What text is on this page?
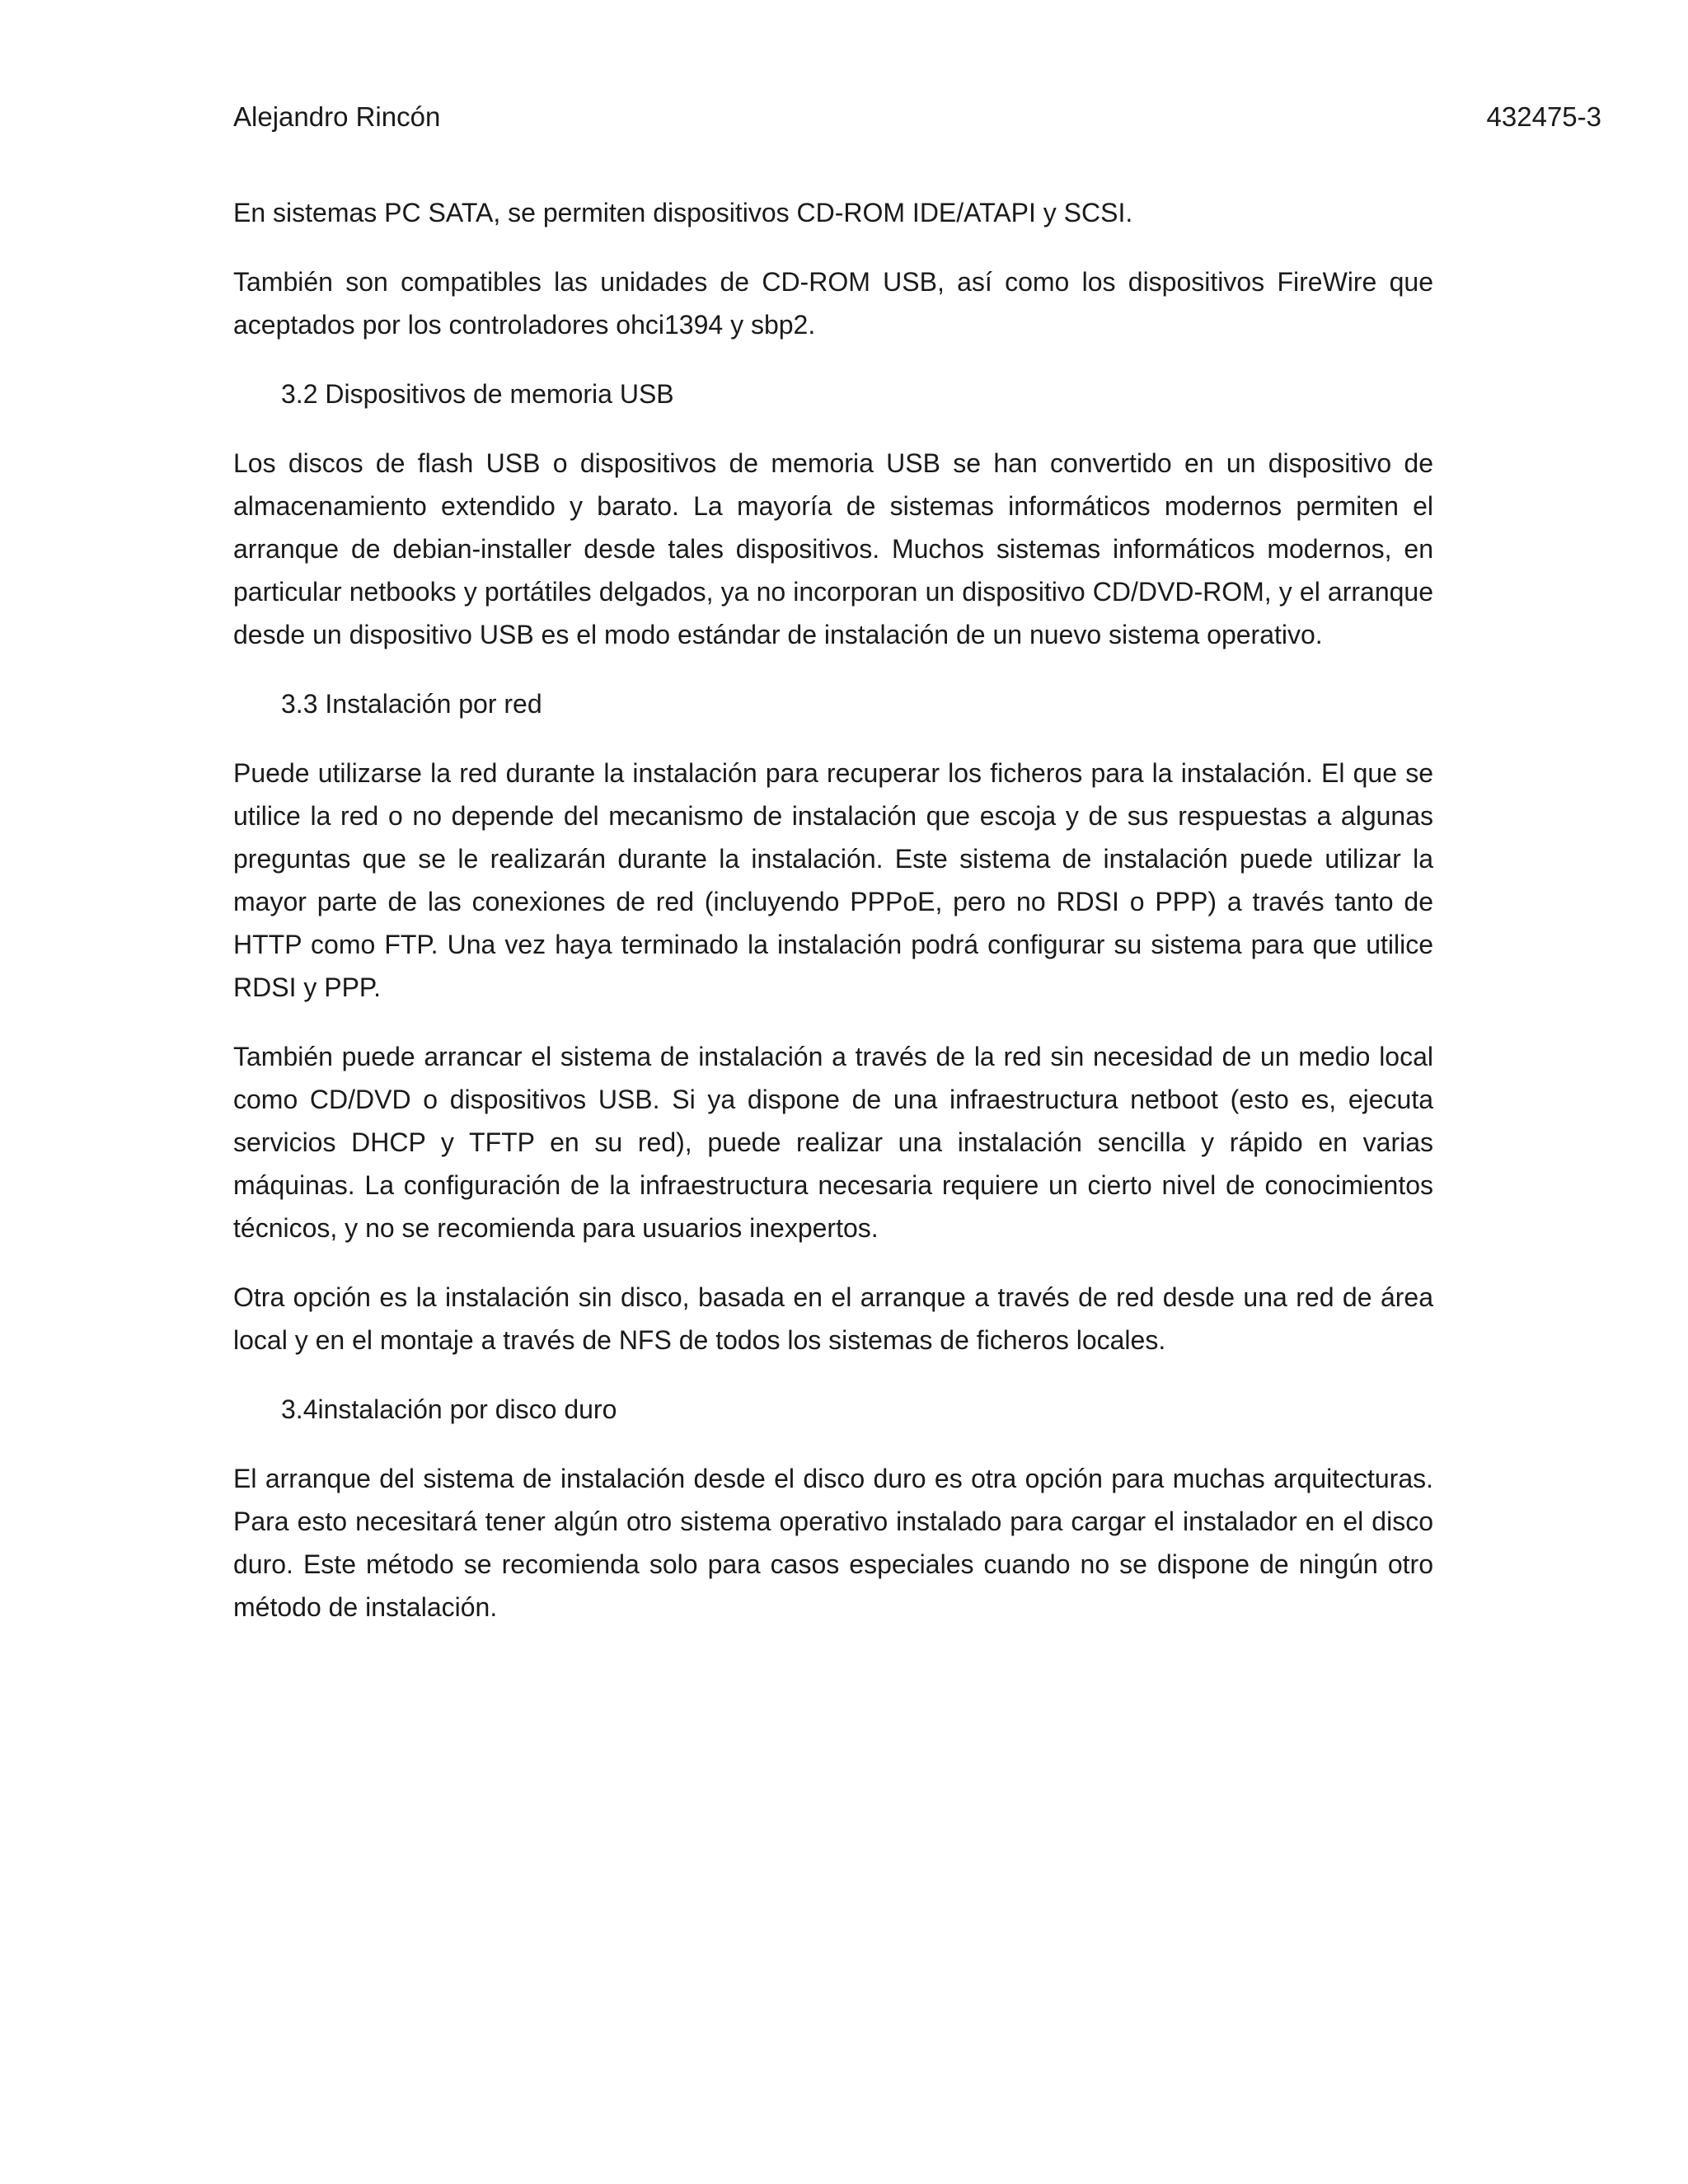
Alejandro Rincón	432475-3

En sistemas PC SATA, se permiten dispositivos CD-ROM IDE/ATAPI y SCSI.

También son compatibles las unidades de CD-ROM USB, así como los dispositivos FireWire que aceptados por los controladores ohci1394 y sbp2.

3.2 Dispositivos de memoria USB

Los discos de flash USB o dispositivos de memoria USB se han convertido en un dispositivo de almacenamiento extendido y barato. La mayoría de sistemas informáticos modernos permiten el arranque de debian-installer desde tales dispositivos. Muchos sistemas informáticos modernos, en particular netbooks y portátiles delgados, ya no incorporan un dispositivo CD/DVD-ROM, y el arranque desde un dispositivo USB es el modo estándar de instalación de un nuevo sistema operativo.

3.3 Instalación por red

Puede utilizarse la red durante la instalación para recuperar los ficheros para la instalación. El que se utilice la red o no depende del mecanismo de instalación que escoja y de sus respuestas a algunas preguntas que se le realizarán durante la instalación. Este sistema de instalación puede utilizar la mayor parte de las conexiones de red (incluyendo PPPoE, pero no RDSI o PPP) a través tanto de HTTP como FTP. Una vez haya terminado la instalación podrá configurar su sistema para que utilice RDSI y PPP.

También puede arrancar el sistema de instalación a través de la red sin necesidad de un medio local como CD/DVD o dispositivos USB. Si ya dispone de una infraestructura netboot (esto es, ejecuta servicios DHCP y TFTP en su red), puede realizar una instalación sencilla y rápido en varias máquinas. La configuración de la infraestructura necesaria requiere un cierto nivel de conocimientos técnicos, y no se recomienda para usuarios inexpertos.

Otra opción es la instalación sin disco, basada en el arranque a través de red desde una red de área local y en el montaje a través de NFS de todos los sistemas de ficheros locales.

3.4instalación por disco duro

El arranque del sistema de instalación desde el disco duro es otra opción para muchas arquitecturas. Para esto necesitará tener algún otro sistema operativo instalado para cargar el instalador en el disco duro. Este método se recomienda solo para casos especiales cuando no se dispone de ningún otro método de instalación.
